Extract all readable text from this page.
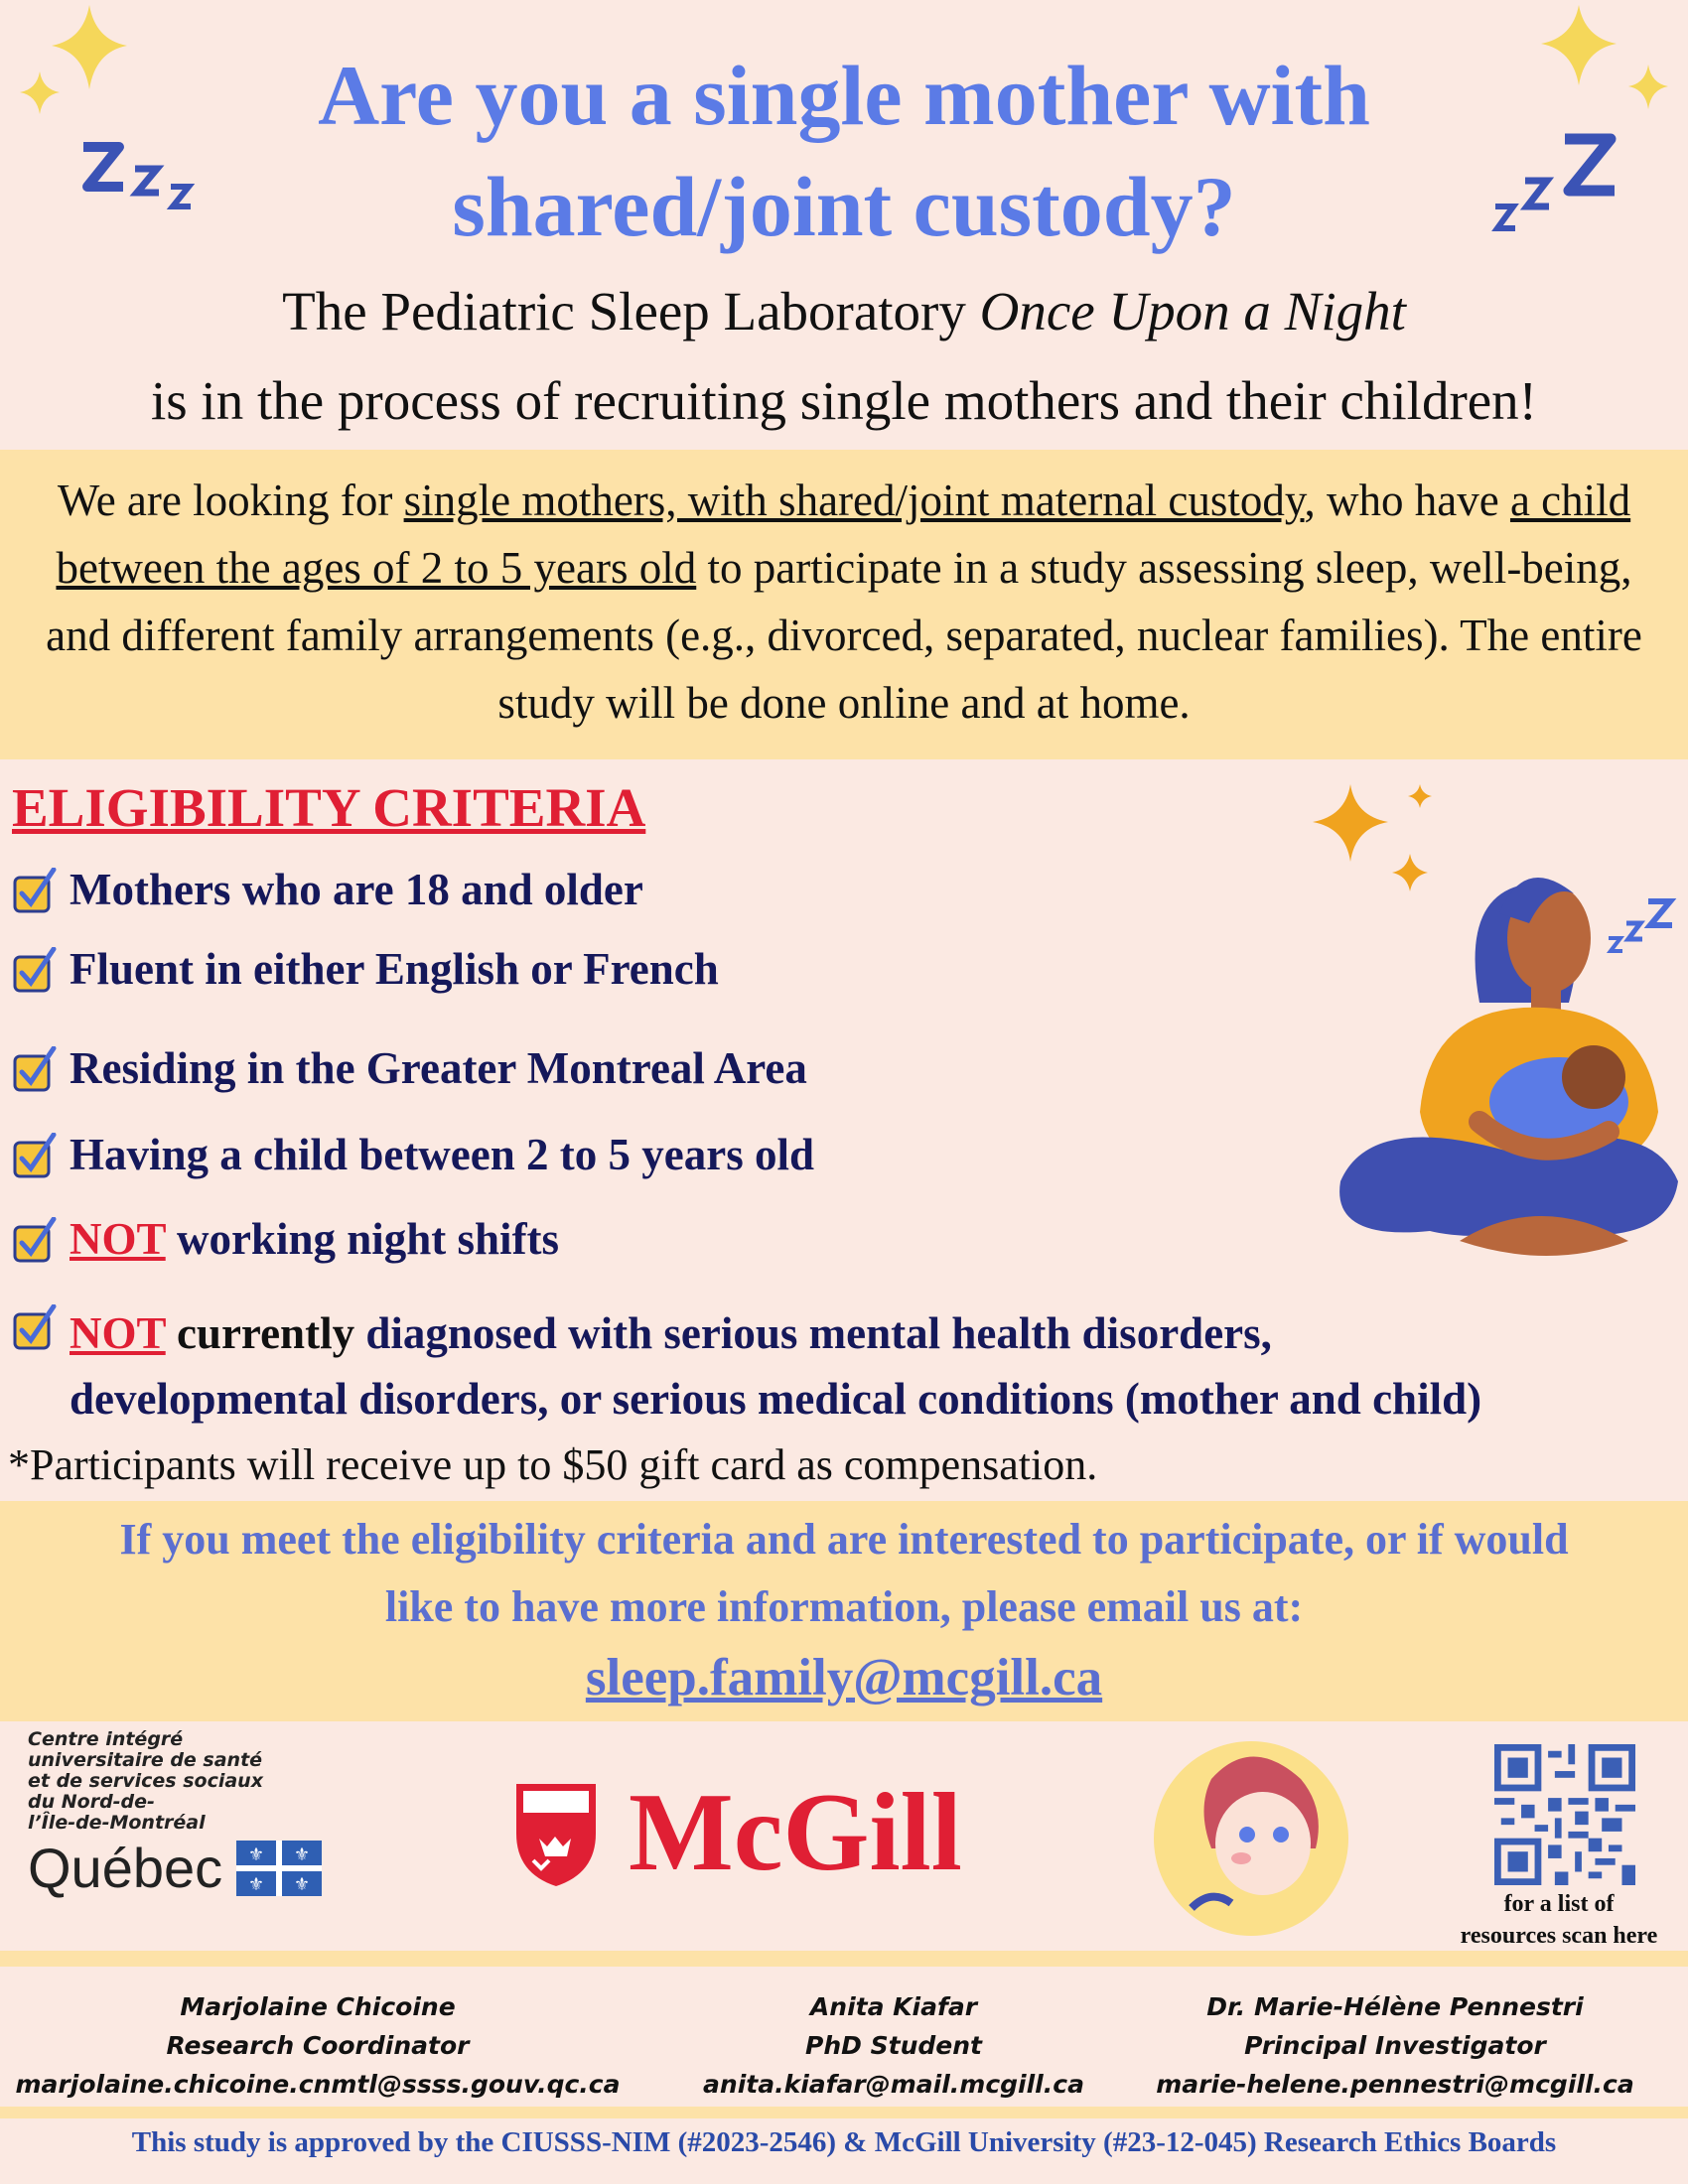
Are you a single mother with
shared/joint custody?
The Pediatric Sleep Laboratory Once Upon a Night
is in the process of recruiting single mothers and their children!
We are looking for single mothers, with shared/joint maternal custody, who have a child between the ages of 2 to 5 years old to participate in a study assessing sleep, well-being, and different family arrangements (e.g., divorced, separated, nuclear families). The entire study will be done online and at home.
ELIGIBILITY CRITERIA
Mothers who are 18 and older
Fluent in either English or French
Residing in the Greater Montreal Area
Having a child between 2 to 5 years old
NOT working night shifts
NOT currently diagnosed with serious mental health disorders,
developmental disorders, or serious medical conditions (mother and child)
*Participants will receive up to $50 gift card as compensation.
If you meet the eligibility criteria and are interested to participate, or if would
like to have more information, please email us at:
sleep.family@mcgill.ca
Centre intégré
universitaire de santé
et de services sociaux
du Nord-de-
l’Île-de-Montréal
Québec ⚜ ⚜
⚜ ⚜	McGill
for a list of
resources scan here
Marjolaine Chicoine
Research Coordinator
marjolaine.chicoine.cnmtl@ssss.gouv.qc.ca
Anita Kiafar
PhD Student
anita.kiafar@mail.mcgill.ca
Dr. Marie-Hélène Pennestri
Principal Investigator
marie-helene.pennestri@mcgill.ca
This study is approved by the CIUSSS-NIM (#2023-2546) & McGill University (#23-12-045) Research Ethics Boards
